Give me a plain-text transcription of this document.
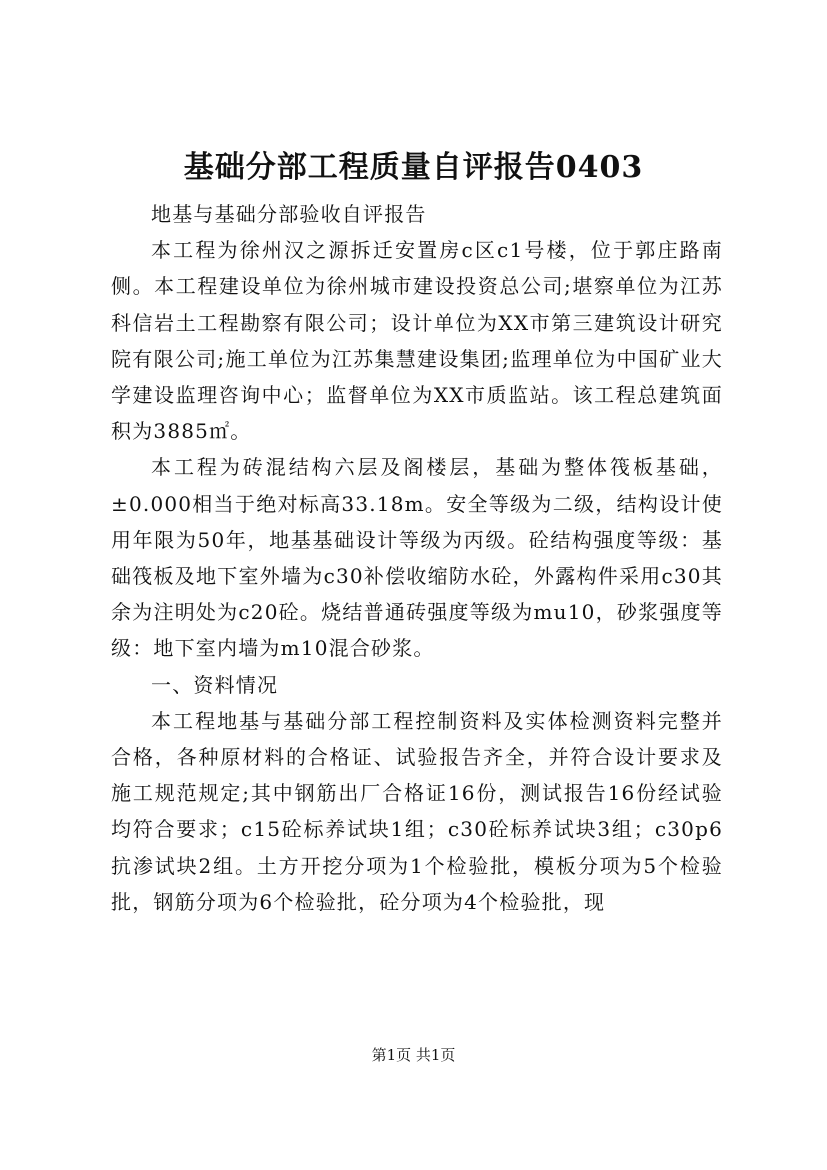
基础分部工程质量自评报告0403

地基与基础分部验收自评报告

本工程为徐州汉之源拆迁安置房c区c1号楼，位于郭庄路南侧。本工程建设单位为徐州城市建设投资总公司;堪察单位为江苏科信岩土工程勘察有限公司；设计单位为XX市第三建筑设计研究院有限公司;施工单位为江苏集慧建设集团;监理单位为中国矿业大学建设监理咨询中心；监督单位为XX市质监站。该工程总建筑面积为3885㎡。

本工程为砖混结构六层及阁楼层，基础为整体筏板基础，±0.000相当于绝对标高33.18m。安全等级为二级，结构设计使用年限为50年，地基基础设计等级为丙级。砼结构强度等级：基础筏板及地下室外墙为c30补偿收缩防水砼，外露构件采用c30其余为注明处为c20砼。烧结普通砖强度等级为mu10，砂浆强度等级：地下室内墙为m10混合砂浆。

一、资料情况

本工程地基与基础分部工程控制资料及实体检测资料完整并合格，各种原材料的合格证、试验报告齐全，并符合设计要求及施工规范规定;其中钢筋出厂合格证16份，测试报告16份经试验均符合要求；c15砼标养试块1组；c30砼标养试块3组；c30p6抗渗试块2组。土方开挖分项为1个检验批，模板分项为5个检验批，钢筋分项为6个检验批，砼分项为4个检验批，现

第1页 共1页
